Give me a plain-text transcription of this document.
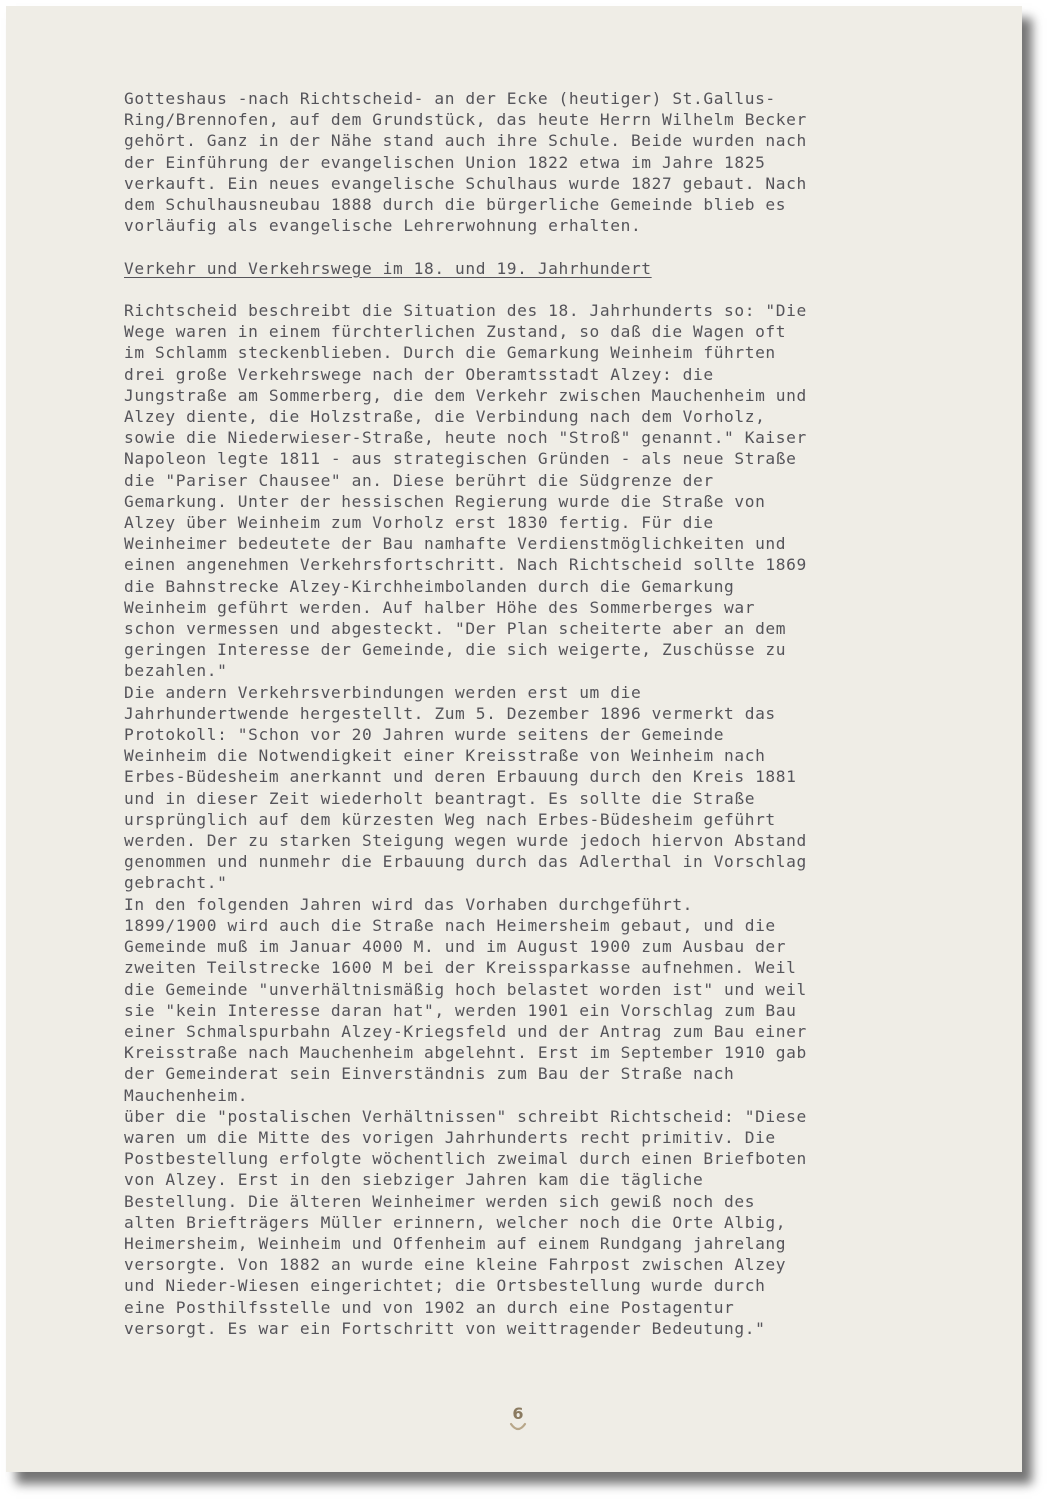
Gotteshaus -nach Richtscheid- an der Ecke (heutiger) St.Gallus-

Ring/Brennofen, auf dem Grundstück, das heute Herrn Wilhelm Becker

gehört. Ganz in der Nähe stand auch ihre Schule. Beide wurden nach

der Einführung der evangelischen Union 1822 etwa im Jahre 1825

verkauft. Ein neues evangelische Schulhaus wurde 1827 gebaut. Nach

dem Schulhausneubau 1888 durch die bürgerliche Gemeinde blieb es

vorläufig als evangelische Lehrerwohnung erhalten.

Verkehr und Verkehrswege im 18. und 19. Jahrhundert

Richtscheid beschreibt die Situation des 18. Jahrhunderts so: "Die

Wege waren in einem fürchterlichen Zustand, so daß die Wagen oft

im Schlamm steckenblieben. Durch die Gemarkung Weinheim führten

drei große Verkehrswege nach der Oberamtsstadt Alzey: die

Jungstraße am Sommerberg, die dem Verkehr zwischen Mauchenheim und

Alzey diente, die Holzstraße, die Verbindung nach dem Vorholz,

sowie die Niederwieser-Straße, heute noch "Stroß" genannt." Kaiser

Napoleon legte 1811 - aus strategischen Gründen - als neue Straße

die "Pariser Chausee" an. Diese berührt die Südgrenze der

Gemarkung. Unter der hessischen Regierung wurde die Straße von

Alzey über Weinheim zum Vorholz erst 1830 fertig. Für die

Weinheimer bedeutete der Bau namhafte Verdienstmöglichkeiten und

einen angenehmen Verkehrsfortschritt. Nach Richtscheid sollte 1869

die Bahnstrecke Alzey-Kirchheimbolanden durch die Gemarkung

Weinheim geführt werden. Auf halber Höhe des Sommerberges war

schon vermessen und abgesteckt. "Der Plan scheiterte aber an dem

geringen Interesse der Gemeinde, die sich weigerte, Zuschüsse zu

bezahlen."

Die andern Verkehrsverbindungen werden erst um die

Jahrhundertwende hergestellt. Zum 5. Dezember 1896 vermerkt das

Protokoll: "Schon vor 20 Jahren wurde seitens der Gemeinde

Weinheim die Notwendigkeit einer Kreisstraße von Weinheim nach

Erbes-Büdesheim anerkannt und deren Erbauung durch den Kreis 1881

und in dieser Zeit wiederholt beantragt. Es sollte die Straße

ursprünglich auf dem kürzesten Weg nach Erbes-Büdesheim geführt

werden. Der zu starken Steigung wegen wurde jedoch hiervon Abstand

genommen und nunmehr die Erbauung durch das Adlerthal in Vorschlag

gebracht."

In den folgenden Jahren wird das Vorhaben durchgeführt.

1899/1900 wird auch die Straße nach Heimersheim gebaut, und die

Gemeinde muß im Januar 4000 M. und im August 1900 zum Ausbau der

zweiten Teilstrecke 1600 M bei der Kreissparkasse aufnehmen. Weil

die Gemeinde "unverhältnismäßig hoch belastet worden ist" und weil

sie "kein Interesse daran hat", werden 1901 ein Vorschlag zum Bau

einer Schmalspurbahn Alzey-Kriegsfeld und der Antrag zum Bau einer

Kreisstraße nach Mauchenheim abgelehnt. Erst im September 1910 gab

der Gemeinderat sein Einverständnis zum Bau der Straße nach

Mauchenheim.

über die "postalischen Verhältnissen" schreibt Richtscheid: "Diese

waren um die Mitte des vorigen Jahrhunderts recht primitiv. Die

Postbestellung erfolgte wöchentlich zweimal durch einen Briefboten

von Alzey. Erst in den siebziger Jahren kam die tägliche

Bestellung. Die älteren Weinheimer werden sich gewiß noch des

alten Briefträgers Müller erinnern, welcher noch die Orte Albig,

Heimersheim, Weinheim und Offenheim auf einem Rundgang jahrelang

versorgte. Von 1882 an wurde eine kleine Fahrpost zwischen Alzey

und Nieder-Wiesen eingerichtet; die Ortsbestellung wurde durch

eine Posthilfsstelle und von 1902 an durch eine Postagentur

versorgt. Es war ein Fortschritt von weittragender Bedeutung."

6
